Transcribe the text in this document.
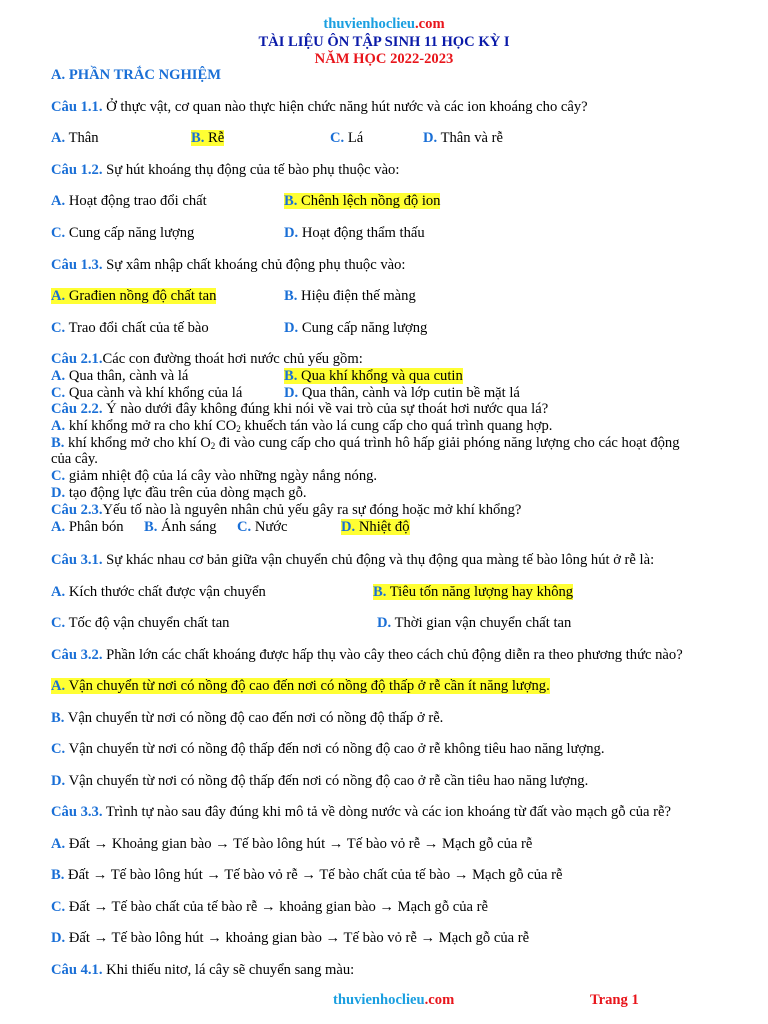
thuvienhoclieu.com
TÀI LIỆU ÔN TẬP SINH 11 HỌC KỲ I
NĂM HỌC 2022-2023
A. PHẦN TRẮC NGHIỆM
Câu 1.1. Ở thực vật, cơ quan nào thực hiện chức năng hút nước và các ion khoáng cho cây?
A. Thân	B. Rễ	C. Lá	D. Thân và rễ
Câu 1.2. Sự hút khoáng thụ động của tế bào phụ thuộc vào:
A. Hoạt động trao đổi chất	B. Chênh lệch nồng độ ion
C. Cung cấp năng lượng	D. Hoạt động thẩm thấu
Câu 1.3. Sự xâm nhập chất khoáng chủ động phụ thuộc vào:
A. Građien nồng độ chất tan	B. Hiệu điện thế màng
C. Trao đổi chất của tế bào	D. Cung cấp năng lượng
Câu 2.1.Các con đường thoát hơi nước chủ yếu gồm:
A. Qua thân, cành và lá	B. Qua khí khổng và qua cutin
C. Qua cành và khí khổng của lá	D. Qua thân, cành và lớp cutin bề mặt lá
Câu 2.2. Ý nào dưới đây không đúng khi nói về vai trò của sự thoát hơi nước qua lá?
A. khí khổng mở ra cho khí $CO_2$ khuếch tán vào lá cung cấp cho quá trình quang hợp.
B. khí khổng mở cho khí $O_2$ đi vào cung cấp cho quá trình hô hấp giải phóng năng lượng cho các hoạt động
của cây.
C. giảm nhiệt độ của lá cây vào những ngày nắng nóng.
D. tạo động lực đầu trên của dòng mạch gỗ.
Câu 2.3.Yếu tố nào là nguyên nhân chủ yếu gây ra sự đóng hoặc mở khí khổng?
A. Phân bón B. Ánh sáng C. Nước	D. Nhiệt độ
Câu 3.1. Sự khác nhau cơ bản giữa vận chuyển chủ động và thụ động qua màng tế bào lông hút ở rễ là:
A. Kích thước chất được vận chuyển	B. Tiêu tốn năng lượng hay không
C. Tốc độ vận chuyển chất tan	D. Thời gian vận chuyển chất tan
Câu 3.2. Phần lớn các chất khoáng được hấp thụ vào cây theo cách chủ động diễn ra theo phương thức nào?
A. Vận chuyển từ nơi có nồng độ cao đến nơi có nồng độ thấp ở rễ cần ít năng lượng.
B. Vận chuyển từ nơi có nồng độ cao đến nơi có nồng độ thấp ở rễ.
C. Vận chuyển từ nơi có nồng độ thấp đến nơi có nồng độ cao ở rễ không tiêu hao năng lượng.
D. Vận chuyển từ nơi có nồng độ thấp đến nơi có nồng độ cao ở rễ cần tiêu hao năng lượng.
Câu 3.3. Trình tự nào sau đây đúng khi mô tả về dòng nước và các ion khoáng từ đất vào mạch gỗ của rễ?
A. Đất → Khoảng gian bào → Tế bào lông hút → Tế bào vỏ rễ → Mạch gỗ của rễ
B. Đất → Tế bào lông hút → Tế bào vỏ rễ → Tế bào chất của tế bào → Mạch gỗ của rễ
C. Đất → Tế bào chất của tế bào rễ → khoảng gian bào → Mạch gỗ của rễ
D. Đất → Tế bào lông hút → khoảng gian bào → Tế bào vỏ rễ → Mạch gỗ của rễ
Câu 4.1. Khi thiếu nitơ, lá cây sẽ chuyển sang màu:
thuvienhoclieu.com	Trang 1
